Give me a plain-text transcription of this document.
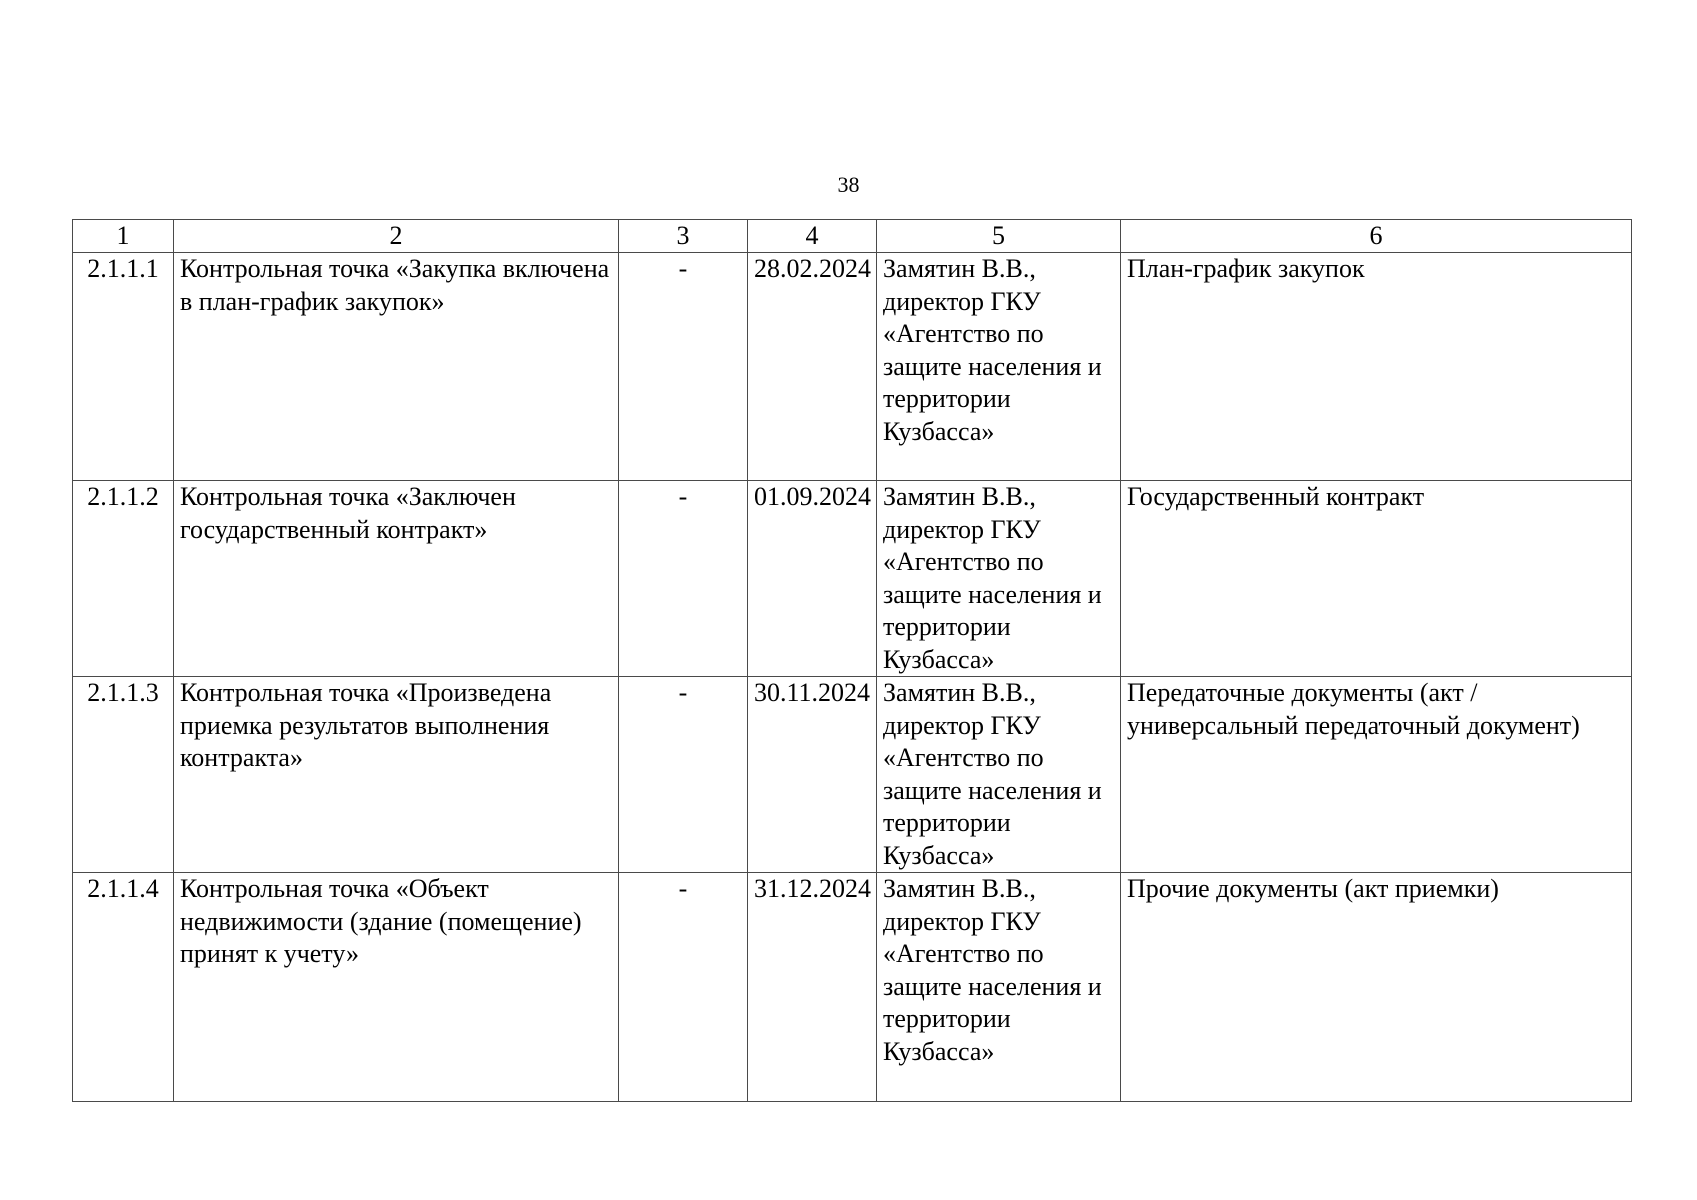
38
1	2	3	4	5	6
2.1.1.1	Контрольная точка «Закупка включена в план-график закупок»	-	28.02.2024	Замятин В.В., директор ГКУ «Агентство по защите населения и территории Кузбасса»	План-график закупок
2.1.1.2	Контрольная точка «Заключен государственный контракт»	-	01.09.2024	Замятин В.В., директор ГКУ «Агентство по защите населения и территории Кузбасса»	Государственный контракт
2.1.1.3	Контрольная точка «Произведена приемка результатов выполнения контракта»	-	30.11.2024	Замятин В.В., директор ГКУ «Агентство по защите населения и территории Кузбасса»	Передаточные документы (акт / универсальный передаточный документ)
2.1.1.4	Контрольная точка «Объект недвижимости (здание (помещение) принят к учету»	-	31.12.2024	Замятин В.В., директор ГКУ «Агентство по защите населения и территории Кузбасса»	Прочие документы (акт приемки)
